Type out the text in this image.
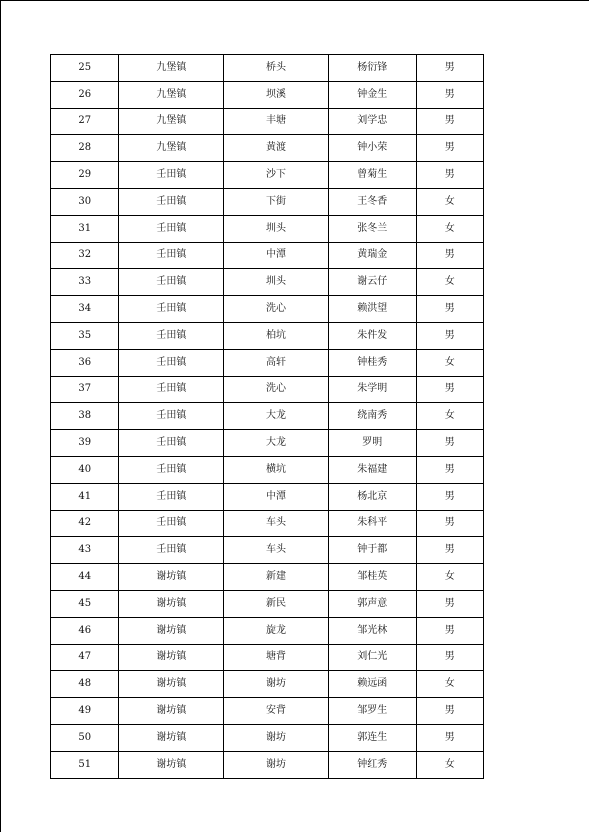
25	九堡镇	桥头	杨衍锋	男
26	九堡镇	坝溪	钟金生	男
27	九堡镇	丰塘	刘学忠	男
28	九堡镇	黄渡	钟小荣	男
29	壬田镇	沙下	曾菊生	男
30	壬田镇	下街	王冬香	女
31	壬田镇	圳头	张冬兰	女
32	壬田镇	中潭	黄瑞金	男
33	壬田镇	圳头	谢云仔	女
34	壬田镇	洗心	赖洪望	男
35	壬田镇	柏坑	朱件发	男
36	壬田镇	高轩	钟桂秀	女
37	壬田镇	洗心	朱学明	男
38	壬田镇	大龙	绕南秀	女
39	壬田镇	大龙	罗明	男
40	壬田镇	横坑	朱福建	男
41	壬田镇	中潭	杨北京	男
42	壬田镇	车头	朱科平	男
43	壬田镇	车头	钟于都	男
44	谢坊镇	新建	邹桂英	女
45	谢坊镇	新民	郭声意	男
46	谢坊镇	旋龙	邹光林	男
47	谢坊镇	塘背	刘仁光	男
48	谢坊镇	谢坊	赖远函	女
49	谢坊镇	安背	邹罗生	男
50	谢坊镇	谢坊	郭连生	男
51	谢坊镇	谢坊	钟红秀	女
